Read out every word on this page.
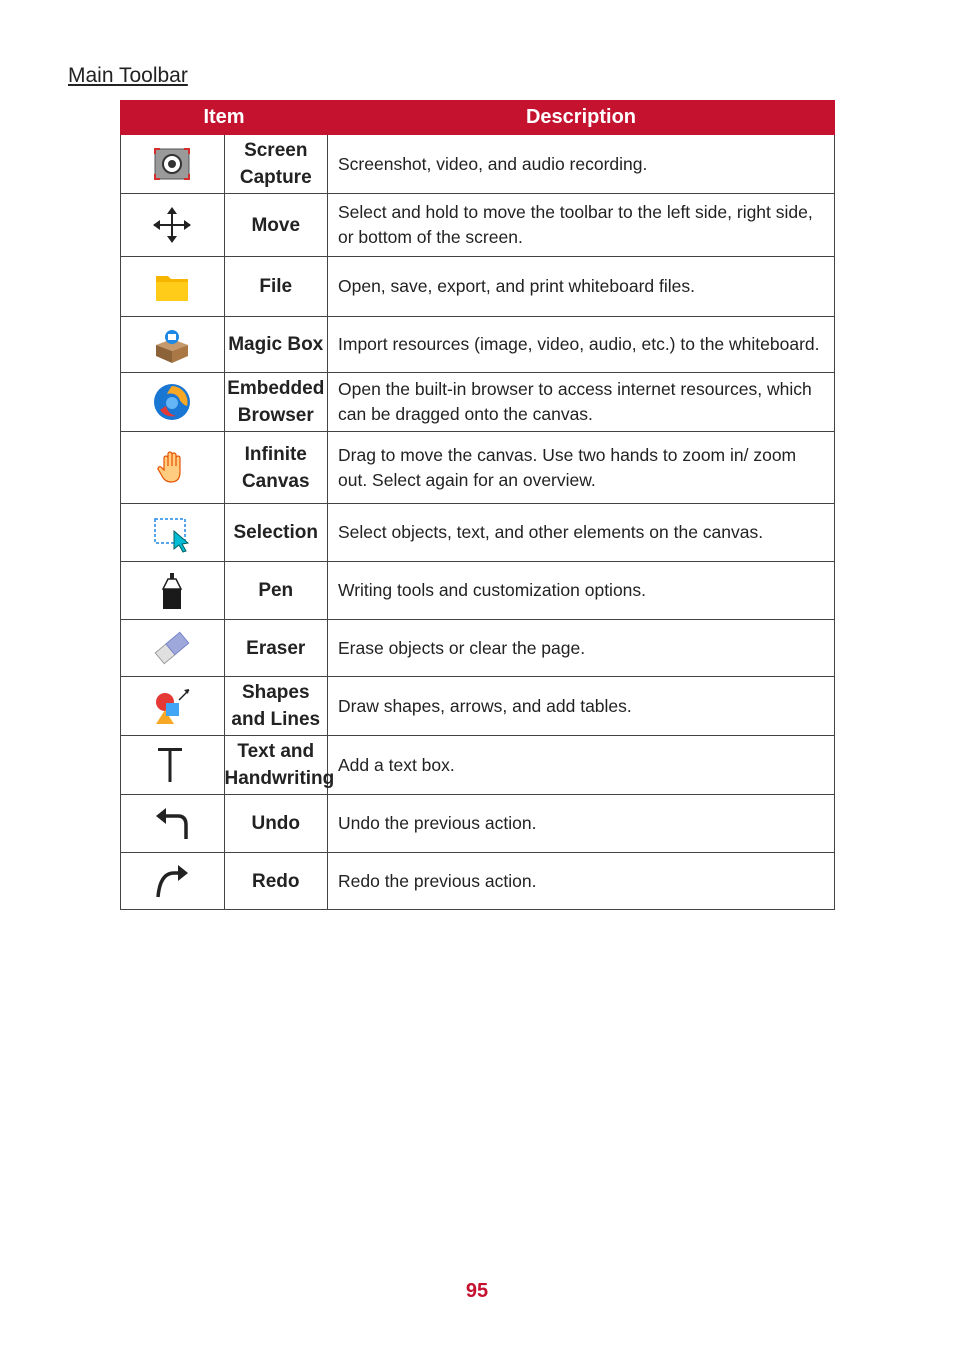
Main Toolbar
Item		Description
	Screen Capture	Screenshot, video, and audio recording.
	Move	Select and hold to move the toolbar to the left side, right side, or bottom of the screen.
	File	Open, save, export, and print whiteboard files.
	Magic Box	Import resources (image, video, audio, etc.) to the whiteboard.
	Embedded Browser	Open the built-in browser to access internet resources, which can be dragged onto the canvas.
	Infinite Canvas	Drag to move the canvas. Use two hands to zoom in/ zoom out. Select again for an overview.
	Selection	Select objects, text, and other elements on the canvas.
	Pen	Writing tools and customization options.
	Eraser	Erase objects or clear the page.
	Shapes and Lines	Draw shapes, arrows, and add tables.
	Text and Handwriting	Add a text box.
	Undo	Undo the previous action.
	Redo	Redo the previous action.
95
